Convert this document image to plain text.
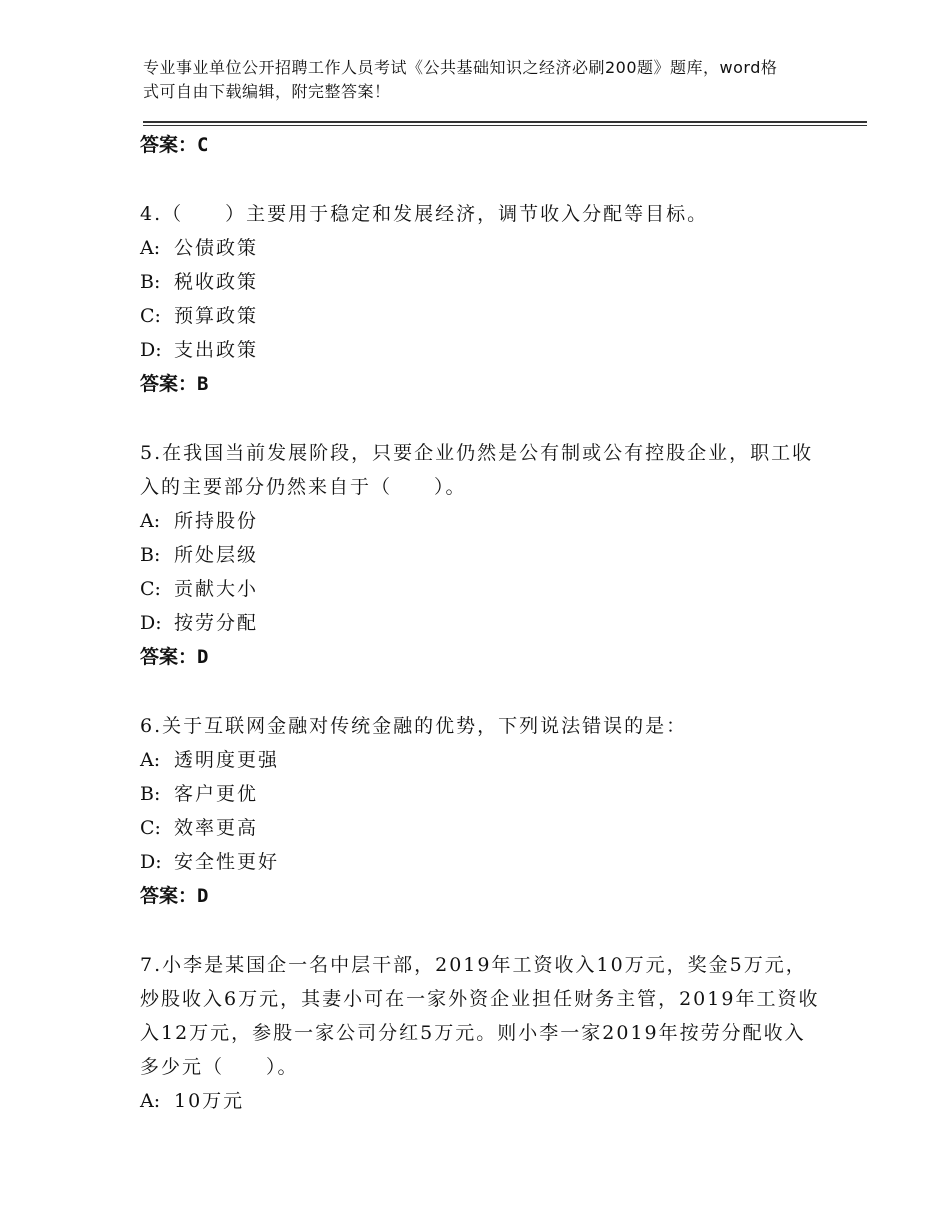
专业事业单位公开招聘工作人员考试《公共基础知识之经济必刷200题》题库，word格式可自由下载编辑，附完整答案！
答案：C
4.（　　）主要用于稳定和发展经济，调节收入分配等目标。
A: 公债政策
B: 税收政策
C: 预算政策
D: 支出政策
答案：B
5.在我国当前发展阶段，只要企业仍然是公有制或公有控股企业，职工收入的主要部分仍然来自于（　　）。
A: 所持股份
B: 所处层级
C: 贡献大小
D: 按劳分配
答案：D
6.关于互联网金融对传统金融的优势，下列说法错误的是：
A: 透明度更强
B: 客户更优
C: 效率更高
D: 安全性更好
答案：D
7.小李是某国企一名中层干部，2019年工资收入10万元，奖金5万元，炒股收入6万元，其妻小可在一家外资企业担任财务主管，2019年工资收入12万元，参股一家公司分红5万元。则小李一家2019年按劳分配收入多少元（　　）。
A: 10万元
